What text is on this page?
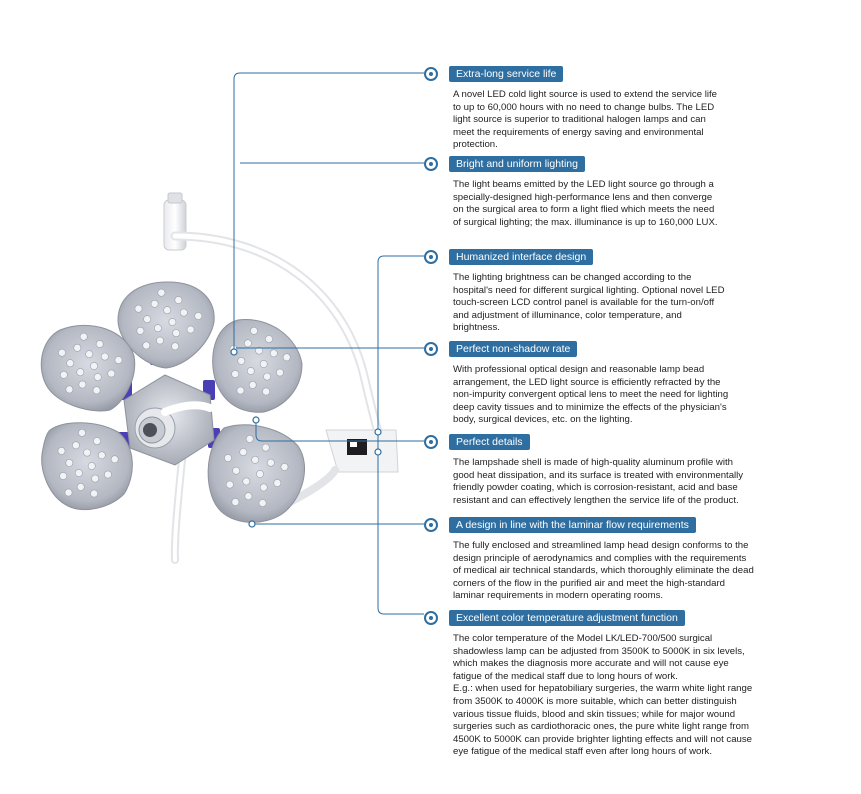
Extra-long service life
A novel LED cold light source is used to extend the service life
to up to 60,000 hours with no need to change bulbs. The LED
light source is superior to traditional halogen lamps and can
meet the requirements of energy saving and environmental
protection.
Bright and uniform lighting
The light beams emitted by the LED light source go through a
specially-designed high-performance lens and then converge
on the surgical area to form a light flied which meets the need
of surgical lighting; the max. illuminance is up to 160,000 LUX.
Humanized interface design
The lighting brightness can be changed according to the
hospital's need for different surgical lighting. Optional novel LED
touch-screen LCD control panel is available for the turn-on/off
and adjustment of illuminance, color temperature, and
brightness.
Perfect non-shadow rate
With professional optical design and reasonable lamp bead
arrangement, the LED light source is efficiently refracted by the
non-impurity convergent optical lens to meet the need for lighting
deep cavity tissues and to minimize the effects of the physician's
body, surgical devices, etc. on the lighting.
Perfect details
The lampshade shell is made of high-quality aluminum profile with
good heat dissipation, and its surface is treated with environmentally
friendly powder coating, which is corrosion-resistant, acid and base
resistant and can effectively lengthen the service life of the product.
A design in line with the laminar flow requirements
The fully enclosed and streamlined lamp head design conforms to the
design principle of aerodynamics and complies with the requirements
of medical air technical standards, which thoroughly eliminate the dead
corners of the flow in the purified air and meet the high-standard
laminar requirements in modern operating rooms.
Excellent color temperature adjustment function
The color temperature of the Model LK/LED-700/500 surgical
shadowless lamp can be adjusted from 3500K to 5000K in six levels,
which makes the diagnosis more accurate and will not cause eye
fatigue of the medical staff due to long hours of work.
E.g.: when used for hepatobiliary surgeries, the warm white light range
from 3500K to 4000K is more suitable, which can better distinguish
various tissue fluids, blood and skin tissues; while for major wound
surgeries such as cardiothoracic ones, the pure white light range from
4500K to 5000K can provide brighter lighting effects and will not cause
eye fatigue of the medical staff even after long hours of work.
